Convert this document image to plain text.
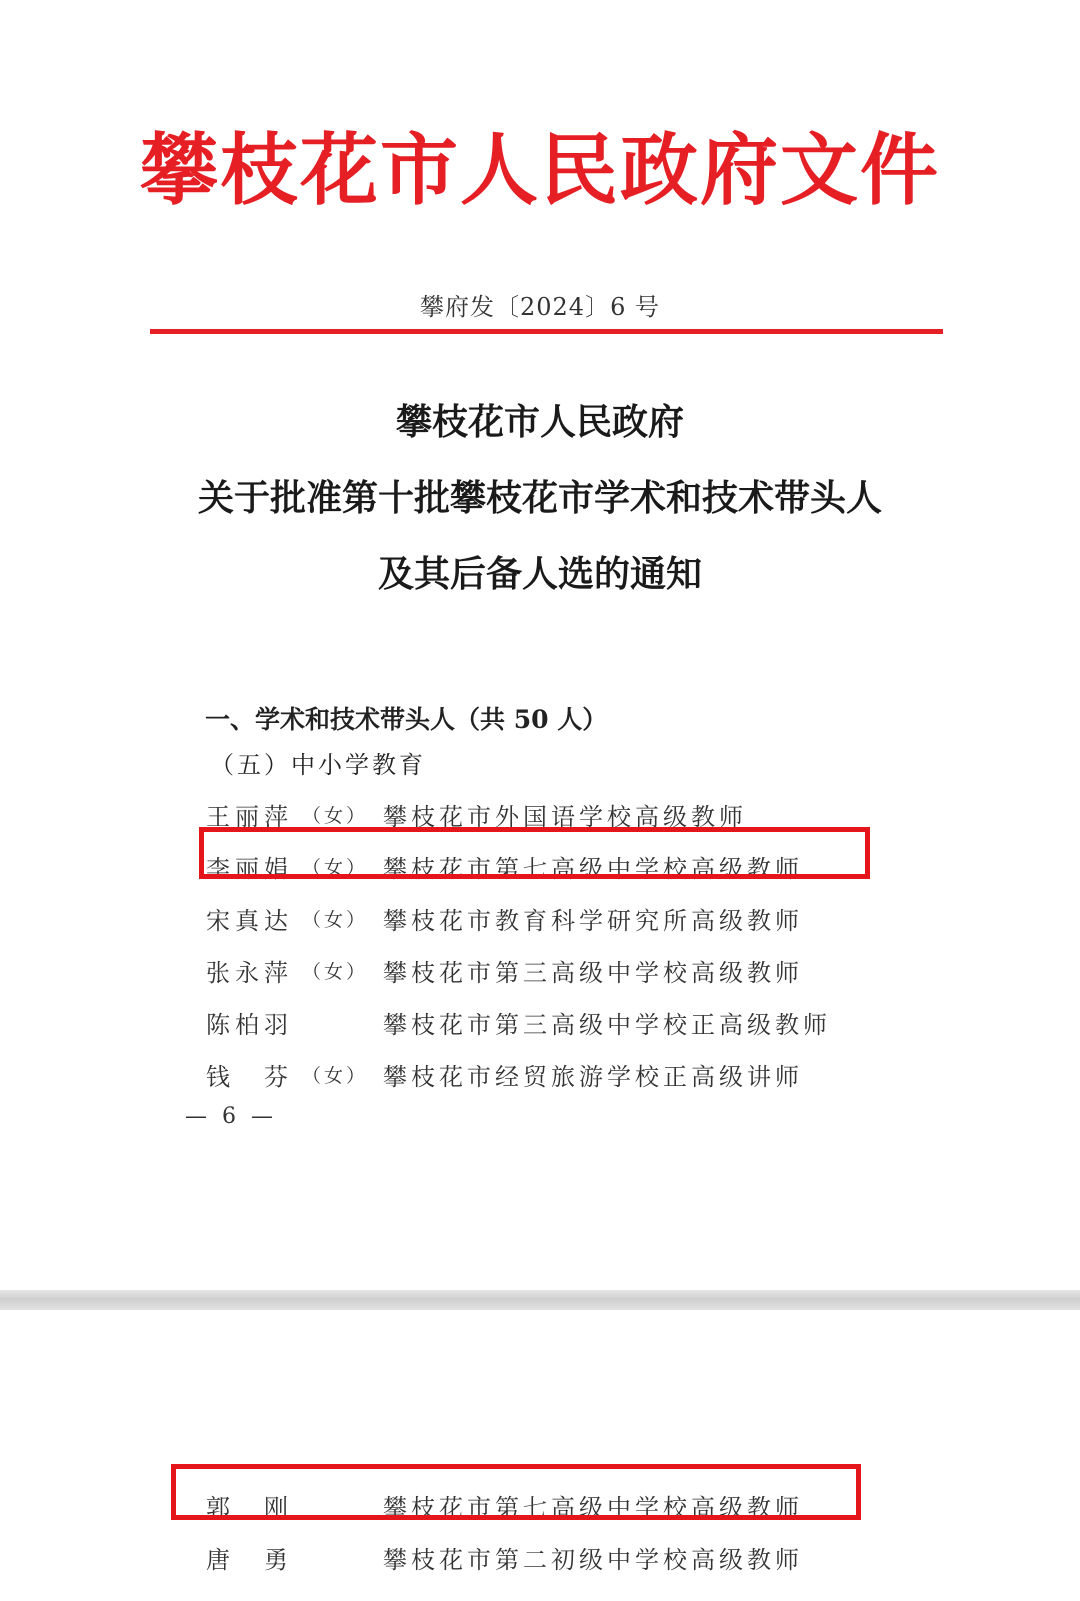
攀枝花市人民政府文件
攀府发〔2024〕6 号
攀枝花市人民政府
关于批准第十批攀枝花市学术和技术带头人
及其后备人选的通知
一、学术和技术带头人（共 50 人）
（五）中小学教育
王丽萍 （女） 攀枝花市外国语学校高级教师
李丽娟 （女） 攀枝花市第七高级中学校高级教师
宋真达 （女） 攀枝花市教育科学研究所高级教师
张永萍 （女） 攀枝花市第三高级中学校高级教师
陈柏羽	攀枝花市第三高级中学校正高级教师
钱　芬 （女） 攀枝花市经贸旅游学校正高级讲师
— 6 —
郭　刚	攀枝花市第七高级中学校高级教师
唐　勇	攀枝花市第二初级中学校高级教师
